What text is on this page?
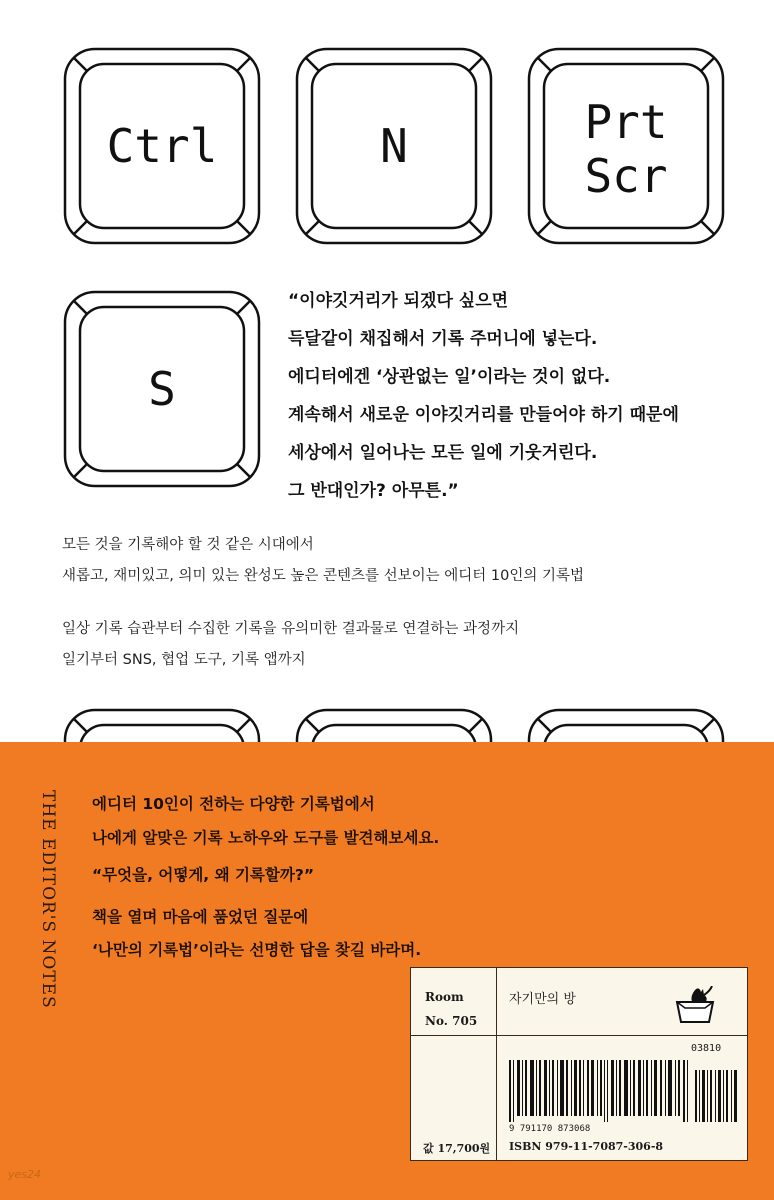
Ctrl	N	Prt
Scr
S
“이야깃거리가 되겠다 싶으면
득달같이 채집해서 기록 주머니에 넣는다.
에디터에겐 ‘상관없는 일’이라는 것이 없다.
계속해서 새로운 이야깃거리를 만들어야 하기 때문에
세상에서 일어나는 모든 일에 기웃거린다.
그 반대인가? 아무튼.”
모든 것을 기록해야 할 것 같은 시대에서
새롭고, 재미있고, 의미 있는 완성도 높은 콘텐츠를 선보이는 에디터 10인의 기록법
일상 기록 습관부터 수집한 기록을 유의미한 결과물로 연결하는 과정까지
일기부터 SNS, 협업 도구, 기록 앱까지
THE EDITOR'S NOTES 에디터 10인이 전하는 다양한 기록법에서
나에게 알맞은 기록 노하우와 도구를 발견해보세요.
“무엇을, 어떻게, 왜 기록할까?”
책을 열며 마음에 품었던 질문에
‘나만의 기록법’이라는 선명한 답을 찾길 바라며.
Room
No. 705
자기만의 방
03810
9 791170 873068
값 17,700원 ISBN 979-11-7087-306-8
yes24
